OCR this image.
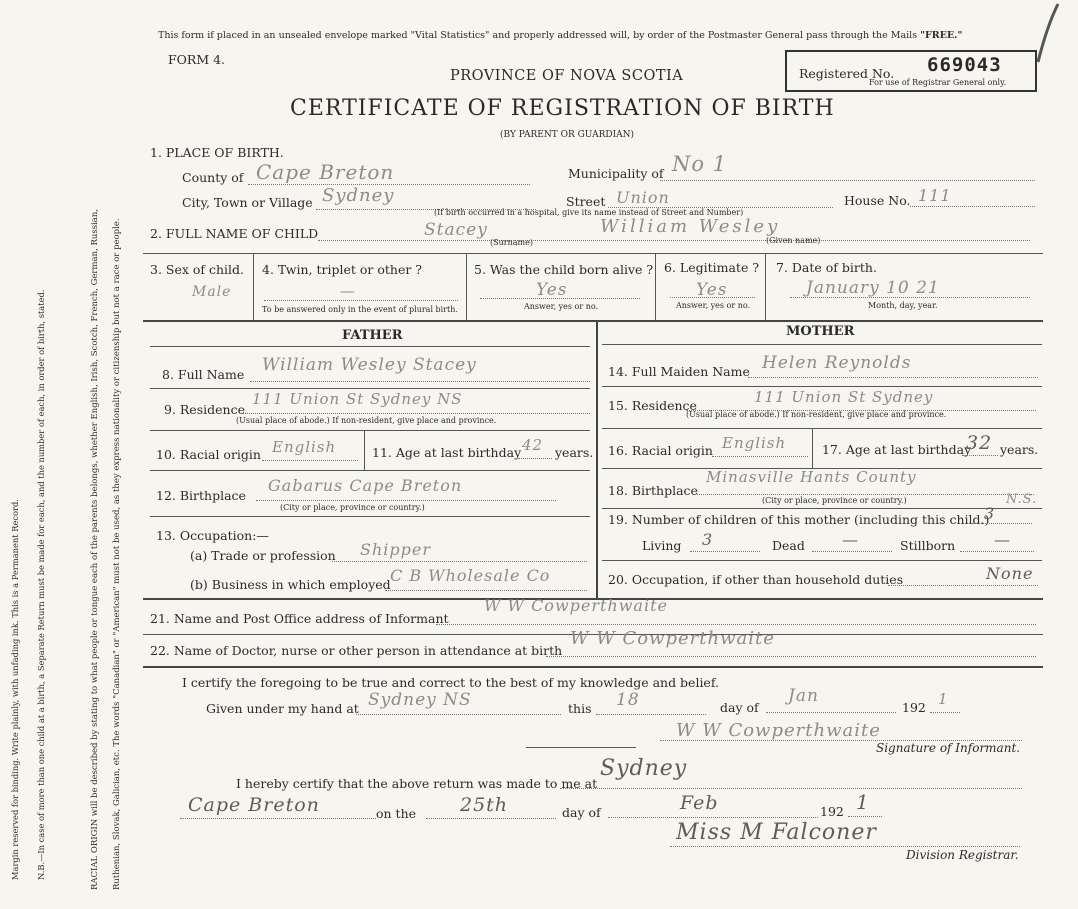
Margin reserved for binding. Write plainly, with unfading ink. This is a Permanent Record. N.B.—In case of more than one child at a birth, a Separate Return must be made for each, and the number of each, in order of birth, stated.	RACIAL ORIGIN will be described by stating to what people or tongue each of the parents belongs, whether English, Irish, Scotch, French, German, Russian, Ruthenian, Slovak, Galician, etc. The words "Canadian" or "American" must not be used, as they express nationality or citizenship but not a race or people.
This form if placed in an unsealed envelope marked "Vital Statistics" and properly addressed will, by order of the Postmaster General pass through the Mails "FREE."
FORM 4.
Registered No. 669043
For use of Registrar General only.
PROVINCE OF NOVA SCOTIA
CERTIFICATE OF REGISTRATION OF BIRTH
(BY PARENT OR GUARDIAN)
1. PLACE OF BIRTH.
County of Cape Breton	Municipality of No 1
City, Town or Village Sydney	Street Union	House No. 111
(If birth occurred in a hospital, give its name instead of Street and Number)
2. FULL NAME OF CHILD	Stacey	William Wesley
(Surname)	(Given name)
3. Sex of child.
Male
4. Twin, triplet or other ?
—
To be answered only in the event of plural birth.
5. Was the child born alive ?
Yes
Answer, yes or no.
6. Legitimate ?
Yes
Answer, yes or no.
7. Date of birth.
January 10 21
Month, day, year.
FATHER	MOTHER
8. Full Name William Wesley Stacey
9. Residence
111 Union St Sydney NS
(Usual place of abode.) If non-resident, give place and province.
10. Racial origin English	11. Age at last birthday 42 years.
12. Birthplace
Gabarus Cape Breton
(City or place, province or country.)
13. Occupation:—
(a) Trade or profession Shipper
(b) Business in which employed C B Wholesale Co
14. Full Maiden Name Helen Reynolds
15. Residence	111 Union St Sydney
(Usual place of abode.) If non-resident, give place and province.
16. Racial origin English	17. Age at last birthday
32 years.
18. Birthplace
Minasville Hants County
N.S.
(City or place, province or country.)
19. Number of children of this mother (including this child.)
3
Living 3	Dead —	Stillborn —
20. Occupation, if other than household duties	None
21. Name and Post Office address of Informant
W W Cowperthwaite
22. Name of Doctor, nurse or other person in attendance at birth
W W Cowperthwaite
I certify the foregoing to be true and correct to the best of my knowledge and belief.
Given under my hand at Sydney NS	this 18	day of
Jan
192 1
W W Cowperthwaite
Signature of Informant.
I hereby certify that the above return was made to me at
Sydney
Cape Breton	on the 25th	day of	Feb	192 1
Miss M Falconer
Division Registrar.
